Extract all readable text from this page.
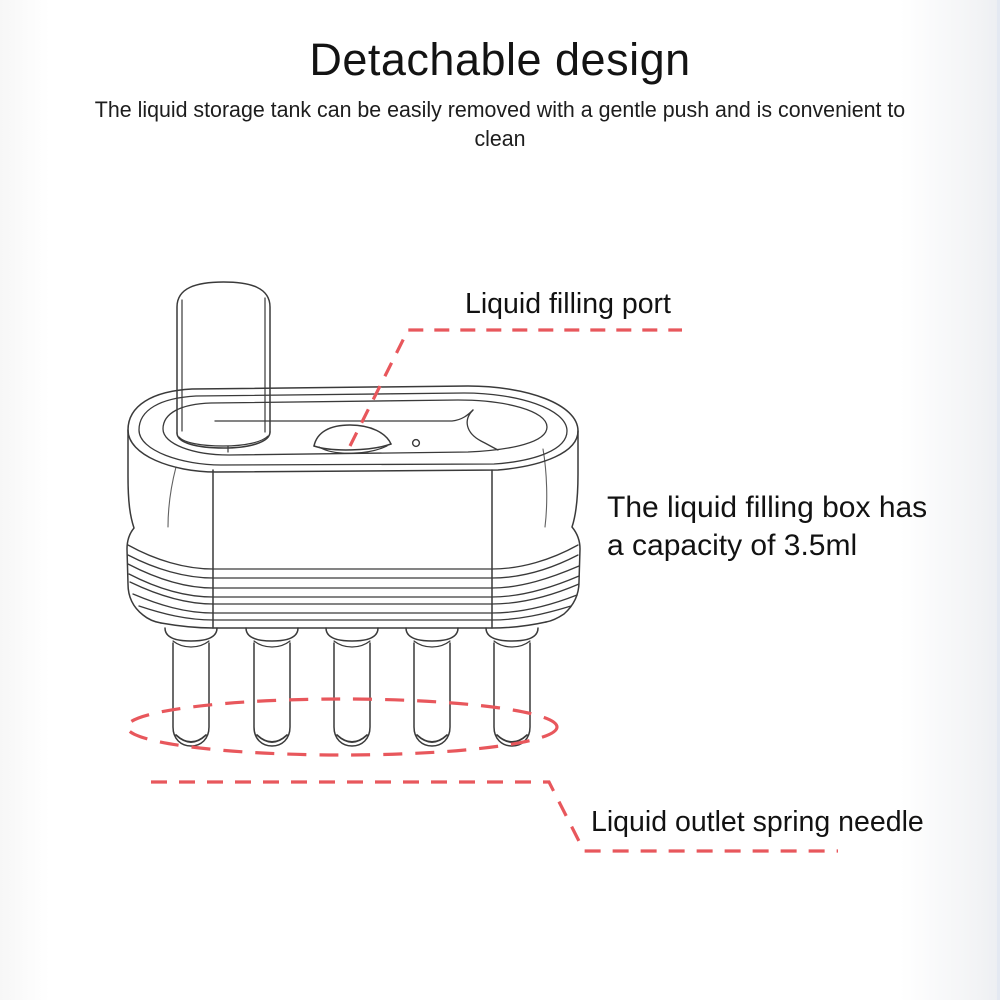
Detachable design
The liquid storage tank can be easily removed with a gentle push and is convenient to
clean
Liquid filling port
The liquid filling box has
a capacity of 3.5ml
Liquid outlet spring needle
